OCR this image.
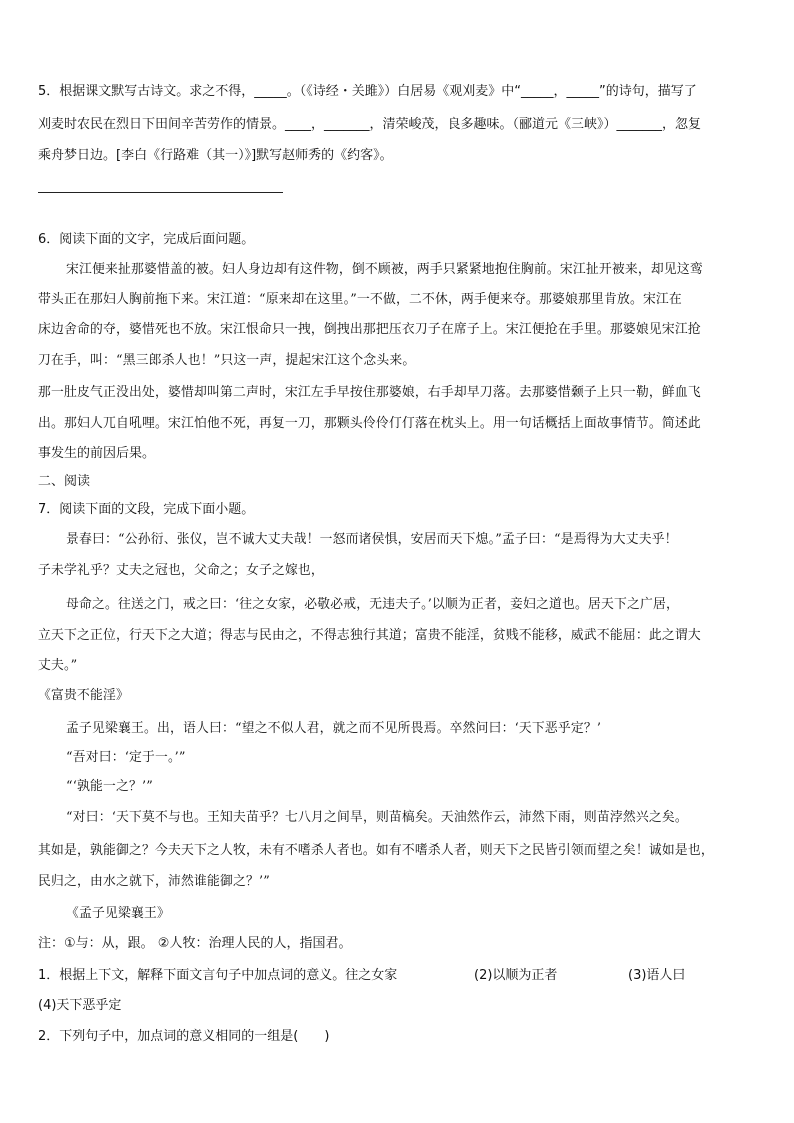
5．根据课文默写古诗文。求之不得，_____。（《诗经・关雎》）白居易《观刈麦》中“_____，_____”的诗句，描写了
刈麦时农民在烈日下田间辛苦劳作的情景。____，_______，清荣峻茂，良多趣味。（郦道元《三峡》）_______，忽复
乘舟梦日边。[李白《行路难（其一）》]默写赵师秀的《约客》。
6．阅读下面的文字，完成后面问题。
宋江便来扯那婆惜盖的被。妇人身边却有这件物，倒不顾被，两手只紧紧地抱住胸前。宋江扯开被来，却见这鸾
带头正在那妇人胸前拖下来。宋江道：“原来却在这里。”一不做，二不休，两手便来夺。那婆娘那里肯放。宋江在
床边舍命的夺，婆惜死也不放。宋江恨命只一拽，倒拽出那把压衣刀子在席子上。宋江便抢在手里。那婆娘见宋江抢
刀在手，叫：“黑三郎杀人也！”只这一声，提起宋江这个念头来。
那一肚皮气正没出处，婆惜却叫第二声时，宋江左手早按住那婆娘，右手却早刀落。去那婆惜颡子上只一勒，鲜血飞
出。那妇人兀自吼哩。宋江怕他不死，再复一刀，那颗头伶伶仃仃落在枕头上。用一句话概括上面故事情节。简述此
事发生的前因后果。
二、阅读
7．阅读下面的文段，完成下面小题。
景春曰：“公孙衍、张仪，岂不诚大丈夫哉！一怒而诸侯惧，安居而天下熄。”孟子曰：“是焉得为大丈夫乎！
子未学礼乎？丈夫之冠也，父命之；女子之嫁也，
母命之。往送之门，戒之曰：‘往之女家，必敬必戒，无违夫子。’以顺为正者，妾妇之道也。居天下之广居，
立天下之正位，行天下之大道；得志与民由之，不得志独行其道；富贵不能淫，贫贱不能移，威武不能屈：此之谓大
丈夫。”
《富贵不能淫》
孟子见梁襄王。出，语人曰：“望之不似人君，就之而不见所畏焉。卒然问曰：‘天下恶乎定？’
“吾对曰：‘定于一。’”
“‘孰能一之？’”
“对曰：‘天下莫不与也。王知夫苗乎？七八月之间旱，则苗槁矣。天油然作云，沛然下雨，则苗浡然兴之矣。
其如是，孰能御之？今夫天下之人牧，未有不嗜杀人者也。如有不嗜杀人者，则天下之民皆引领而望之矣！诚如是也，
民归之，由水之就下，沛然谁能御之？’”
《孟子见梁襄王》
注：①与：从，跟。 ②人牧：治理人民的人，指国君。
1．根据上下文，解释下面文言句子中加点词的意义。往之女家	(2)以顺为正者	(3)语人曰
(4)天下恶乎定
2．下列句子中，加点词的意义相同的一组是(　　)
